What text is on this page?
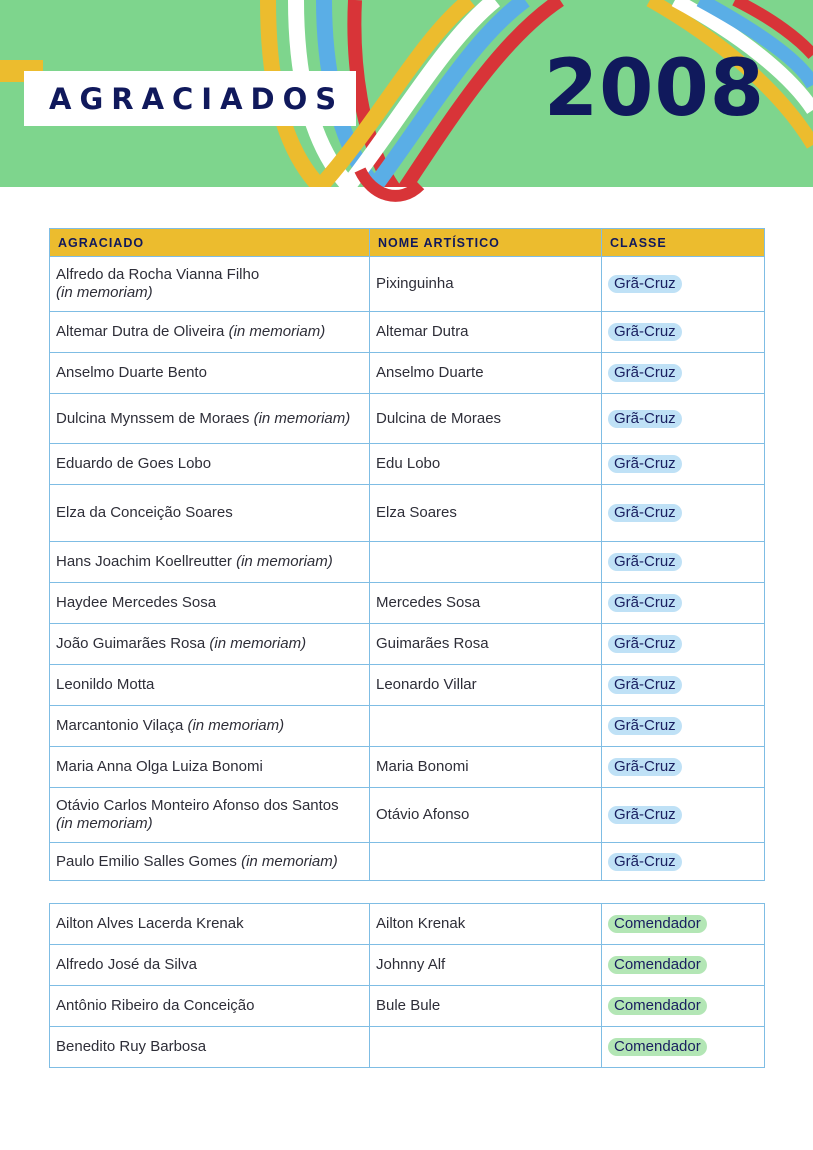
AGRACIADOS	2008
AGRACIADO	NOME ARTÍSTICO	CLASSE
Alfredo da Rocha Vianna Filho
(in memoriam)	Pixinguinha	Grã-Cruz
Altemar Dutra de Oliveira (in memoriam)	Altemar Dutra	Grã-Cruz
Anselmo Duarte Bento	Anselmo Duarte	Grã-Cruz
Dulcina Mynssem de Moraes (in memoriam)	Dulcina de Moraes	Grã-Cruz
Eduardo de Goes Lobo	Edu Lobo	Grã-Cruz
Elza da Conceição Soares	Elza Soares	Grã-Cruz
Hans Joachim Koellreutter (in memoriam)		Grã-Cruz
Haydee Mercedes Sosa	Mercedes Sosa	Grã-Cruz
João Guimarães Rosa (in memoriam)	Guimarães Rosa	Grã-Cruz
Leonildo Motta	Leonardo Villar	Grã-Cruz
Marcantonio Vilaça (in memoriam)		Grã-Cruz
Maria Anna Olga Luiza Bonomi	Maria Bonomi	Grã-Cruz
Otávio Carlos Monteiro Afonso dos Santos
(in memoriam)	Otávio Afonso	Grã-Cruz
Paulo Emilio Salles Gomes (in memoriam)		Grã-Cruz
Ailton Alves Lacerda Krenak	Ailton Krenak	Comendador
Alfredo José da Silva	Johnny Alf	Comendador
Antônio Ribeiro da Conceição	Bule Bule	Comendador
Benedito Ruy Barbosa		Comendador
